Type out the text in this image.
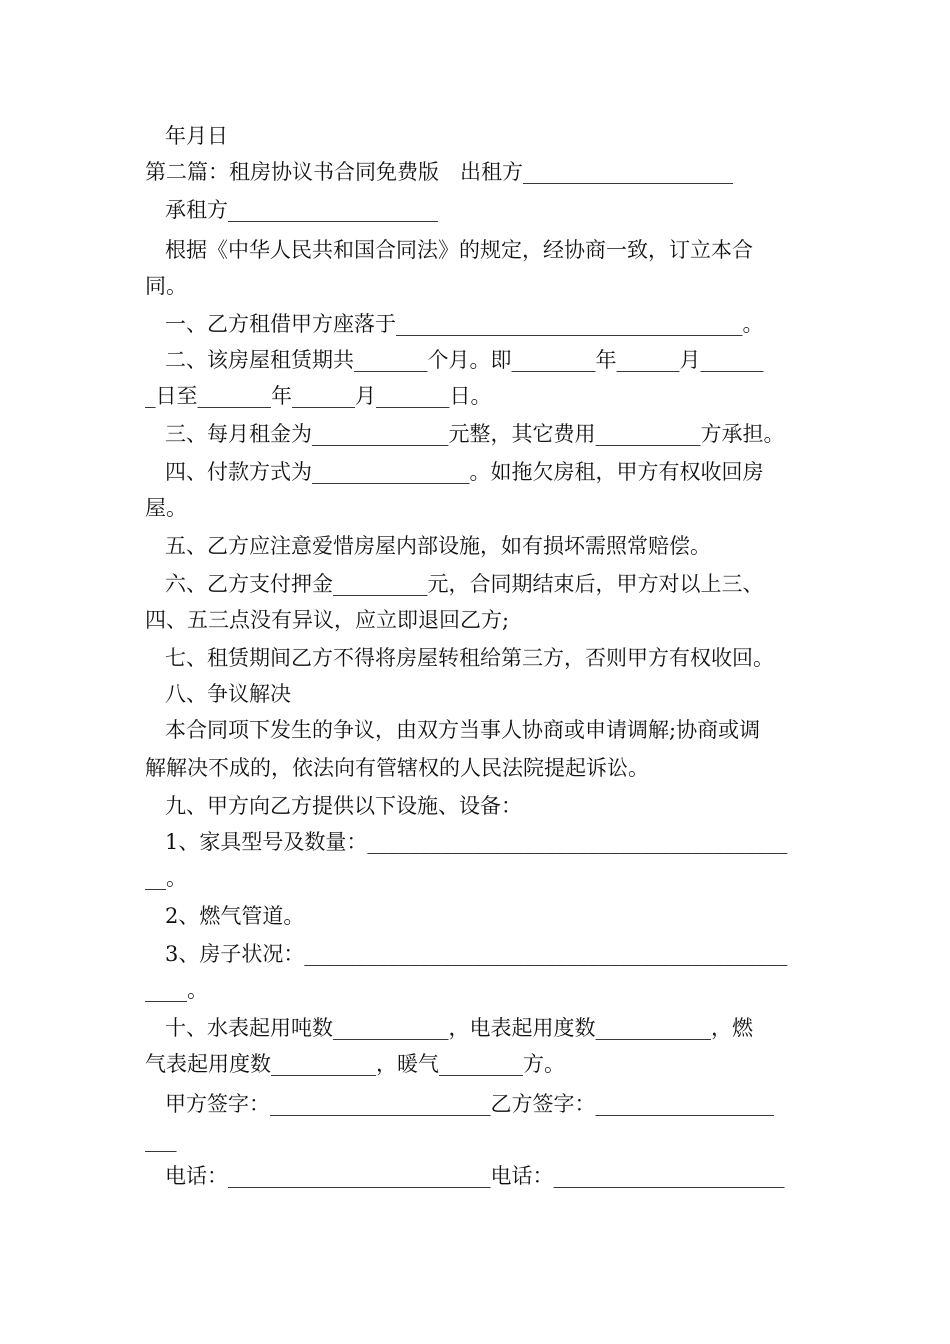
年月日
第二篇：租房协议书合同免费版　出租方____________________
承租方____________________
根据《中华人民共和国合同法》的规定，经协商一致，订立本合
同。
一、乙方租借甲方座落于_________________________________。
二、该房屋租赁期共_______个月。即________年______月______
_日至_______年______月_______日。
三、每月租金为_____________元整，其它费用__________方承担。
四、付款方式为_______________。如拖欠房租，甲方有权收回房
屋。
五、乙方应注意爱惜房屋内部设施，如有损坏需照常赔偿。
六、乙方支付押金_________元，合同期结束后，甲方对以上三、
四、五三点没有异议，应立即退回乙方;
七、租赁期间乙方不得将房屋转租给第三方，否则甲方有权收回。
八、争议解决
本合同项下发生的争议，由双方当事人协商或申请调解;协商或调
解解决不成的，依法向有管辖权的人民法院提起诉讼。
九、甲方向乙方提供以下设施、设备：
1、家具型号及数量：________________________________________
__。
2、燃气管道。
3、房子状况：______________________________________________
____。
十、水表起用吨数___________，电表起用度数___________，燃
气表起用度数__________，暖气________方。
甲方签字：_____________________乙方签字：_________________
___
电话：_________________________电话：______________________
